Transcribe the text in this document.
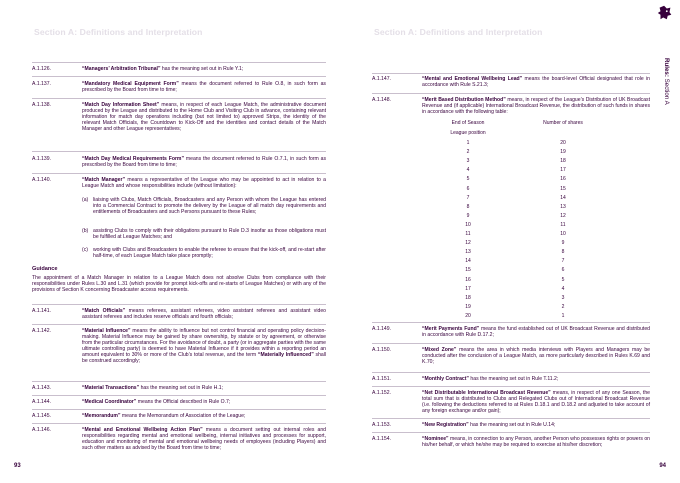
Section A: Definitions and Interpretation
A.1.126.	“Managers’ Arbitration Tribunal” has the meaning set out in Rule Y.1;
A.1.137.	“Mandatory Medical Equipment Form” means the document referred to Rule O.8, in such form as prescribed by the Board from time to time;
A.1.138.	“Match Day Information Sheet” means, in respect of each League Match, the administrative document produced by the League and distributed to the Home Club and Visiting Club in advance, containing relevant information for match day operations including (but not limited to) approved Strips, the identity of the relevant Match Officials, the Countdown to Kick-Off and the identities and contact details of the Match Manager and other League representatives;
A.1.139.	“Match Day Medical Requirements Form” means the document referred to Rule O.7.1, in such form as prescribed by the Board from time to time;
A.1.140.	“Match Manager” means a representative of the League who may be appointed to act in relation to a League Match and whose responsibilities include (without limitation):
(a) liaising with Clubs, Match Officials, Broadcasters and any Person with whom the League has entered into a Commercial Contract to promote the delivery by the League of all match day requirements and entitlements of Broadcasters and such Persons pursuant to these Rules;
(b) assisting Clubs to comply with their obligations pursuant to Rule D.3 insofar as those obligations must be fulfilled at League Matches; and
(c) working with Clubs and Broadcasters to enable the referee to ensure that the kick-off, and re-start after half-time, of each League Match take place promptly;
Guidance
The appointment of a Match Manager in relation to a League Match does not absolve Clubs from compliance with their responsibilities under Rules L.30 and L.31 (which provide for prompt kick-offs and re-starts of League Matches) or with any of the provisions of Section K concerning Broadcaster access requirements.
A.1.141.	“Match Officials” means referees, assistant referees, video assistant referees and assistant video assistant referees and includes reserve officials and fourth officials;
A.1.142.	“Material Influence” means the ability to influence but not control financial and operating policy decision-making. Material Influence may be gained by share ownership, by statute or by agreement, or otherwise from the particular circumstances. For the avoidance of doubt, a party (or in aggregate parties with the same ultimate controlling party) is deemed to have Material Influence if it provides within a reporting period an amount equivalent to 30% or more of the Club’s total revenue, and the term “Materially Influenced” shall be construed accordingly;
A.1.143.	“Material Transactions” has the meaning set out in Rule H.1;
A.1.144.	“Medical Coordinator” means the Official described in Rule O.7;
A.1.145.	“Memorandum” means the Memorandum of Association of the League;
A.1.146.	“Mental and Emotional Wellbeing Action Plan” means a document setting out internal roles and responsibilities regarding mental and emotional wellbeing, internal initiatives and processes for support, education and monitoring of mental and emotional wellbeing needs of employees (including Players) and such other matters as advised by the Board from time to time;
93
Section A: Definitions and Interpretation
Rules: Section A
A.1.147.	“Mental and Emotional Wellbeing Lead” means the board-level Official designated that role in accordance with Rule S.21.3;
A.1.148.	“Merit Based Distribution Method” means, in respect of the League’s Distribution of UK Broadcast Revenue and (if applicable) International Broadcast Revenue, the distribution of such funds in shares in accordance with the following table:
End of Season	Number of shares
League position
1	20
2	19
3	18
4	17
5	16
6	15
7	14
8	13
9	12
10	11
11	10
12	9
13	8
14	7
15	6
16	5
17	4
18	3
19	2
20	1
A.1.149.	“Merit Payments Fund” means the fund established out of UK Broadcast Revenue and distributed in accordance with Rule D.17.2;
A.1.150.	“Mixed Zone” means the area in which media interviews with Players and Managers may be conducted after the conclusion of a League Match, as more particularly described in Rules K.69 and K.70;
A.1.151.	“Monthly Contract” has the meaning set out in Rule T.11.2;
A.1.152.	“Net Distributable International Broadcast Revenue” means, in respect of any one Season, the total sum that is distributed to Clubs and Relegated Clubs out of International Broadcast Revenue (i.e. following the deductions referred to at Rules D.18.1 and D.18.2 and adjusted to take account of any foreign exchange and/or gain);
A.1.153.	“New Registration” has the meaning set out in Rule U.14;
A.1.154.	“Nominee” means, in connection to any Person, another Person who possesses rights or powers on his/her behalf, or which he/she may be required to exercise at his/her discretion;
94
